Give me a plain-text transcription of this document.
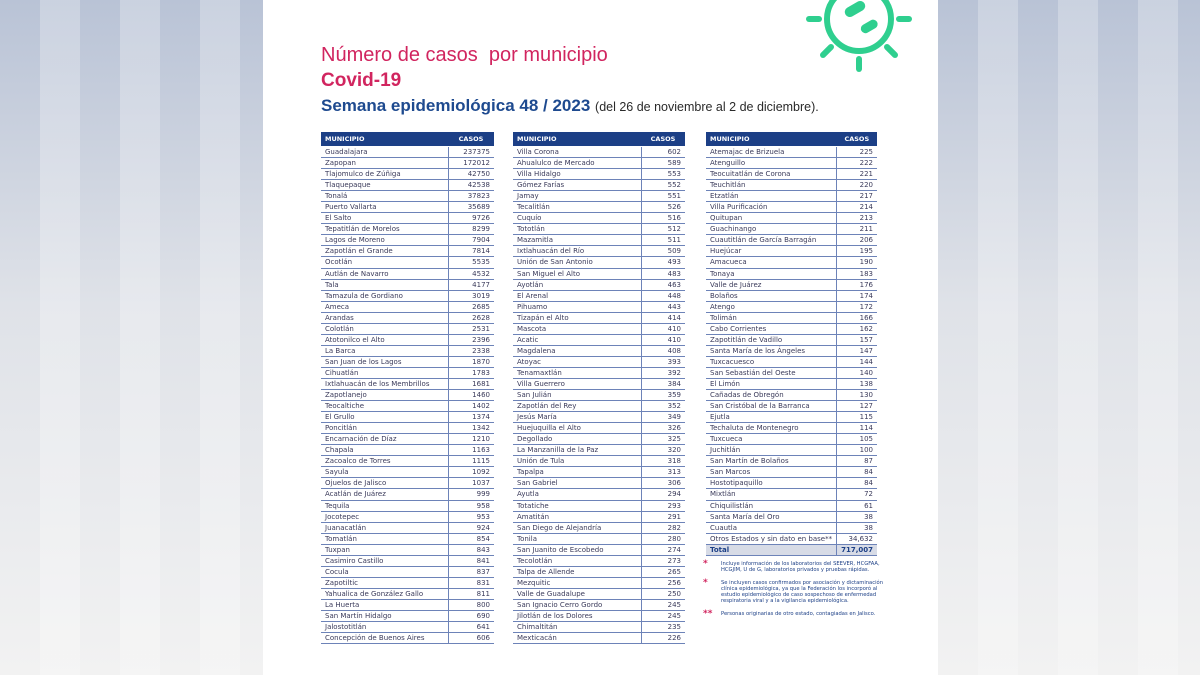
Número de casos  por municipio
Covid-19
Semana epidemiológica 48 / 2023 (del 26 de noviembre al 2 de diciembre).
MUNICIPIO	CASOS
Guadalajara	237375
Zapopan	172012
Tlajomulco de Zúñiga	42750
Tlaquepaque	42538
Tonalá	37823
Puerto Vallarta	35689
El Salto	9726
Tepatitlán de Morelos	8299
Lagos de Moreno	7904
Zapotlán el Grande	7814
Ocotlán	5535
Autlán de Navarro	4532
Tala	4177
Tamazula de Gordiano	3019
Ameca	2685
Arandas	2628
Colotlán	2531
Atotonilco el Alto	2396
La Barca	2338
San Juan de los Lagos	1870
Cihuatlán	1783
Ixtlahuacán de los Membrillos	1681
Zapotlanejo	1460
Teocaltiche	1402
El Grullo	1374
Poncitlán	1342
Encarnación de Díaz	1210
Chapala	1163
Zacoalco de Torres	1115
Sayula	1092
Ojuelos de Jalisco	1037
Acatlán de Juárez	999
Tequila	958
Jocotepec	953
Juanacatlán	924
Tomatlán	854
Tuxpan	843
Casimiro Castillo	841
Cocula	837
Zapotiltic	831
Yahualica de González Gallo	811
La Huerta	800
San Martín Hidalgo	690
Jalostotitlán	641
Concepción de Buenos Aires	606
MUNICIPIO	CASOS
Villa Corona	602
Ahualulco de Mercado	589
Villa Hidalgo	553
Gómez Farías	552
Jamay	551
Tecalitlán	526
Cuquío	516
Tototlán	512
Mazamitla	511
Ixtlahuacán del Río	509
Unión de San Antonio	493
San Miguel el Alto	483
Ayotlán	463
El Arenal	448
Pihuamo	443
Tizapán el Alto	414
Mascota	410
Acatic	410
Magdalena	408
Atoyac	393
Tenamaxtlán	392
Villa Guerrero	384
San Julián	359
Zapotlán del Rey	352
Jesús María	349
Huejuquilla el Alto	326
Degollado	325
La Manzanilla de la Paz	320
Unión de Tula	318
Tapalpa	313
San Gabriel	306
Ayutla	294
Totatiche	293
Amatitán	291
San Diego de Alejandría	282
Tonila	280
San Juanito de Escobedo	274
Tecolotlán	273
Talpa de Allende	265
Mezquitic	256
Valle de Guadalupe	250
San Ignacio Cerro Gordo	245
Jilotlán de los Dolores	245
Chimaltitán	235
Mexticacán	226
MUNICIPIO	CASOS
Atemajac de Brizuela	225
Atenguillo	222
Teocuitatlán de Corona	221
Teuchitlán	220
Etzatlán	217
Villa Purificación	214
Quitupan	213
Guachinango	211
Cuautitlán de García Barragán	206
Huejúcar	195
Amacueca	190
Tonaya	183
Valle de Juárez	176
Bolaños	174
Atengo	172
Tolimán	166
Cabo Corrientes	162
Zapotitlán de Vadillo	157
Santa María de los Ángeles	147
Tuxcacuesco	144
San Sebastián del Oeste	140
El Limón	138
Cañadas de Obregón	130
San Cristóbal de la Barranca	127
Ejutla	115
Techaluta de Montenegro	114
Tuxcueca	105
Juchitlán	100
San Martín de Bolaños	87
San Marcos	84
Hostotipaquillo	84
Mixtlán	72
Chiquilistlán	61
Santa María del Oro	38
Cuautla	38
Otros Estados y sin dato en base**	34,632
Total	717,007
*	Incluye información de los laboratorios del SEEVER, HCGFAA, HCGJIM, U de G, laboratorios privados y pruebas rápidas.
*	Se incluyen casos confirmados por asociación y dictaminación clínica epidemiológica, ya que la Federación los incorporó al estudio epidemiológico de caso sospechoso de enfermedad respiratoria viral y a la vigilancia epidemiológica.
**	Personas originarias de otro estado, contagiadas en Jalisco.
